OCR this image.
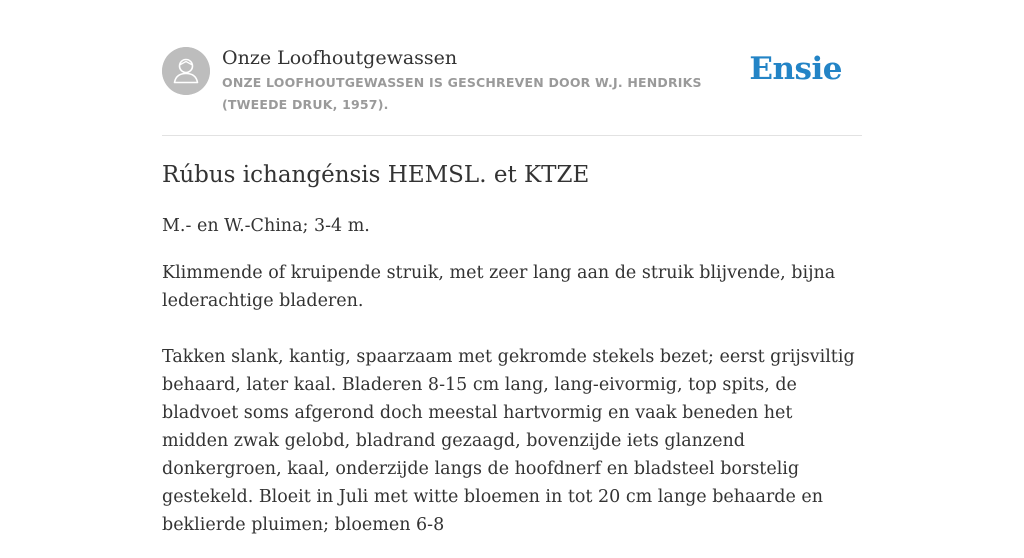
Onze Loofhoutgewassen
ONZE LOOFHOUTGEWASSEN IS GESCHREVEN DOOR W.J. HENDRIKS (TWEEDE DRUK, 1957).
Ensie
Rúbus ichangénsis HEMSL. et KTZE

M.- en W.-China; 3-4 m.

Klimmende of kruipende struik, met zeer lang aan de struik blijvende, bijna lederachtige bladeren.

Takken slank, kantig, spaarzaam met gekromde stekels bezet; eerst grijsviltig behaard, later kaal. Bladeren 8-15 cm lang, lang-eivormig, top spits, de bladvoet soms afgerond doch meestal hartvormig en vaak beneden het midden zwak gelobd, bladrand gezaagd, bovenzijde iets glanzend donkergroen, kaal, onderzijde langs de hoofdnerf en bladsteel borstelig gestekeld. Bloeit in Juli met witte bloemen in tot 20 cm lange behaarde en beklierde pluimen; bloemen 6-8
